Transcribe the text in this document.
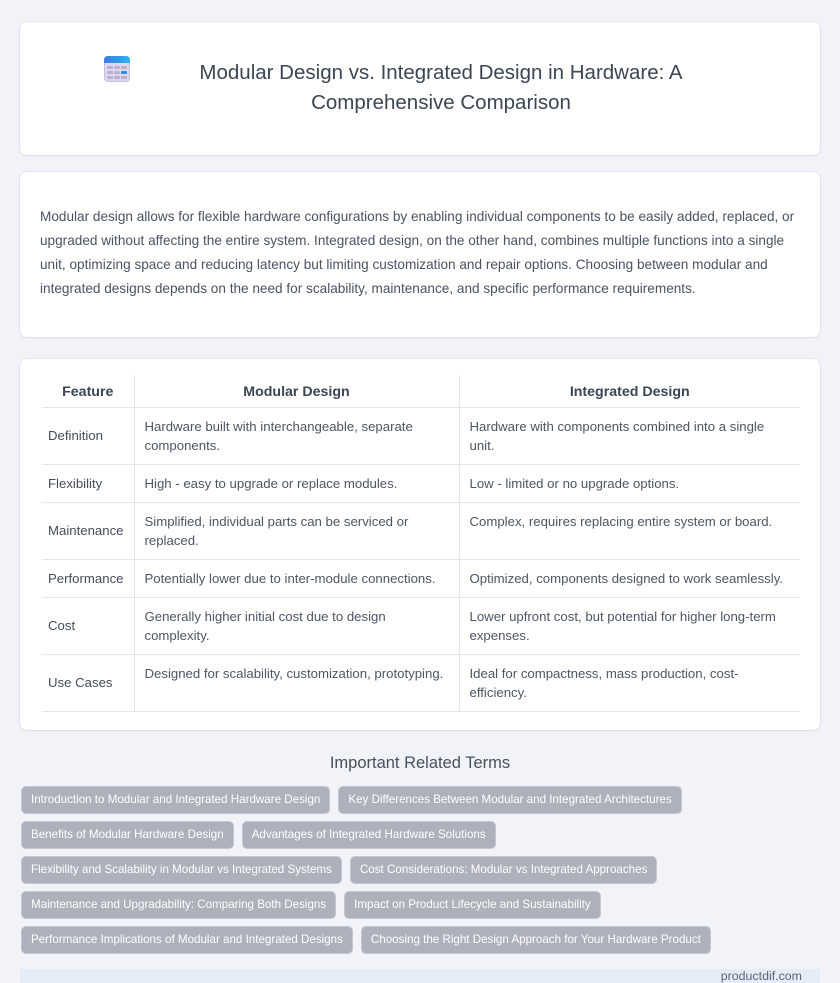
Modular Design vs. Integrated Design in Hardware: A Comprehensive Comparison

Modular design allows for flexible hardware configurations by enabling individual components to be easily added, replaced, or upgraded without affecting the entire system. Integrated design, on the other hand, combines multiple functions into a single unit, optimizing space and reducing latency but limiting customization and repair options. Choosing between modular and integrated designs depends on the need for scalability, maintenance, and specific performance requirements.

Feature	Modular Design	Integrated Design
Definition	Hardware built with interchangeable, separate components.	Hardware with components combined into a single unit.
Flexibility	High - easy to upgrade or replace modules.	Low - limited or no upgrade options.
Maintenance	Simplified, individual parts can be serviced or replaced.	Complex, requires replacing entire system or board.
Performance	Potentially lower due to inter-module connections.	Optimized, components designed to work seamlessly.
Cost	Generally higher initial cost due to design complexity.	Lower upfront cost, but potential for higher long-term expenses.
Use Cases	Designed for scalability, customization, prototyping.	Ideal for compactness, mass production, cost-efficiency.
Important Related Terms
Introduction to Modular and Integrated Hardware Design	Key Differences Between Modular and Integrated Architectures
Benefits of Modular Hardware Design	Advantages of Integrated Hardware Solutions
Flexibility and Scalability in Modular vs Integrated Systems	Cost Considerations: Modular vs Integrated Approaches
Maintenance and Upgradability: Comparing Both Designs	Impact on Product Lifecycle and Sustainability
Performance Implications of Modular and Integrated Designs	Choosing the Right Design Approach for Your Hardware Product
productdif.com
